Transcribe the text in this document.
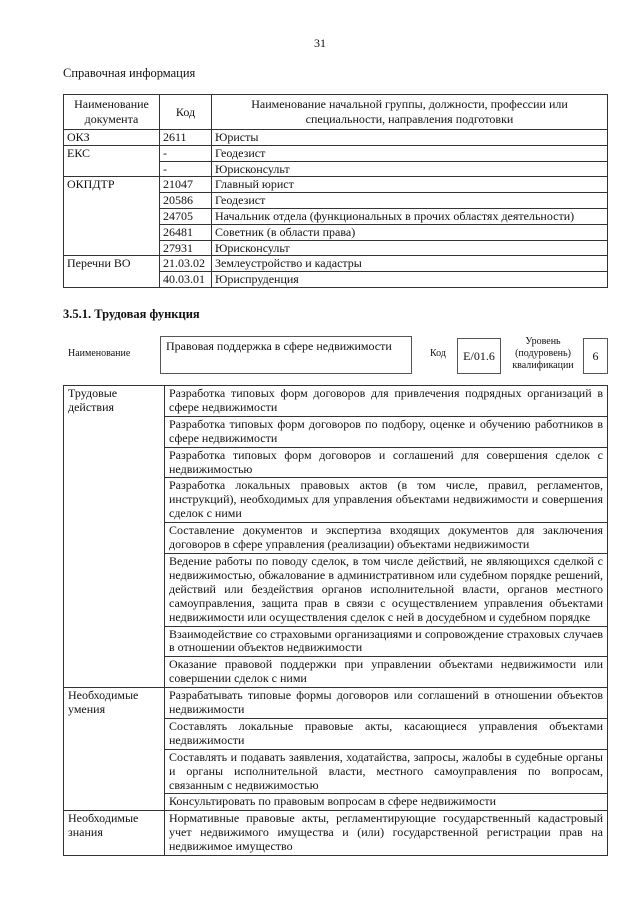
31
Справочная информация
Наименование документа	Код	Наименование начальной группы, должности, профессии или специальности, направления подготовки
ОКЗ	2611	Юристы
ЕКС	-	Геодезист
	-	Юрисконсульт
ОКПДТР	21047	Главный юрист
	20586	Геодезист
	24705	Начальник отдела (функциональных в прочих областях деятельности)
	26481	Советник (в области права)
	27931	Юрисконсульт
Перечни ВО	21.03.02	Землеустройство и кадастры
	40.03.01	Юриспруденция
3.5.1. Трудовая функция
Наименование
Правовая поддержка в сфере недвижимости
Код	E/01.6
Уровень (подуровень) квалификации
6
Трудовые действия	Разработка типовых форм договоров для привлечения подрядных организаций в сфере недвижимости
	Разработка типовых форм договоров по подбору, оценке и обучению работников в сфере недвижимости
	Разработка типовых форм договоров и соглашений для совершения сделок с недвижимостью
	Разработка локальных правовых актов (в том числе, правил, регламентов, инструкций), необходимых для управления объектами недвижимости и совершения сделок с ними
	Составление документов и экспертиза входящих документов для заключения договоров в сфере управления (реализации) объектами недвижимости
	Ведение работы по поводу сделок, в том числе действий, не являющихся сделкой с недвижимостью, обжалование в административном или судебном порядке решений, действий или бездействия органов исполнительной власти, органов местного самоуправления, защита прав в связи с осуществлением управления объектами недвижимости или осуществления сделок с ней в досудебном и судебном порядке
	Взаимодействие со страховыми организациями и сопровождение страховых случаев в отношении объектов недвижимости
	Оказание правовой поддержки при управлении объектами недвижимости или совершении сделок с ними
Необходимые умения	Разрабатывать типовые формы договоров или соглашений в отношении объектов недвижимости
	Составлять локальные правовые акты, касающиеся управления объектами недвижимости
	Составлять и подавать заявления, ходатайства, запросы, жалобы в судебные органы и органы исполнительной власти, местного самоуправления по вопросам, связанным с недвижимостью
	Консультировать по правовым вопросам в сфере недвижимости
Необходимые знания	Нормативные правовые акты, регламентирующие государственный кадастровый учет недвижимого имущества и (или) государственной регистрации прав на недвижимое имущество
